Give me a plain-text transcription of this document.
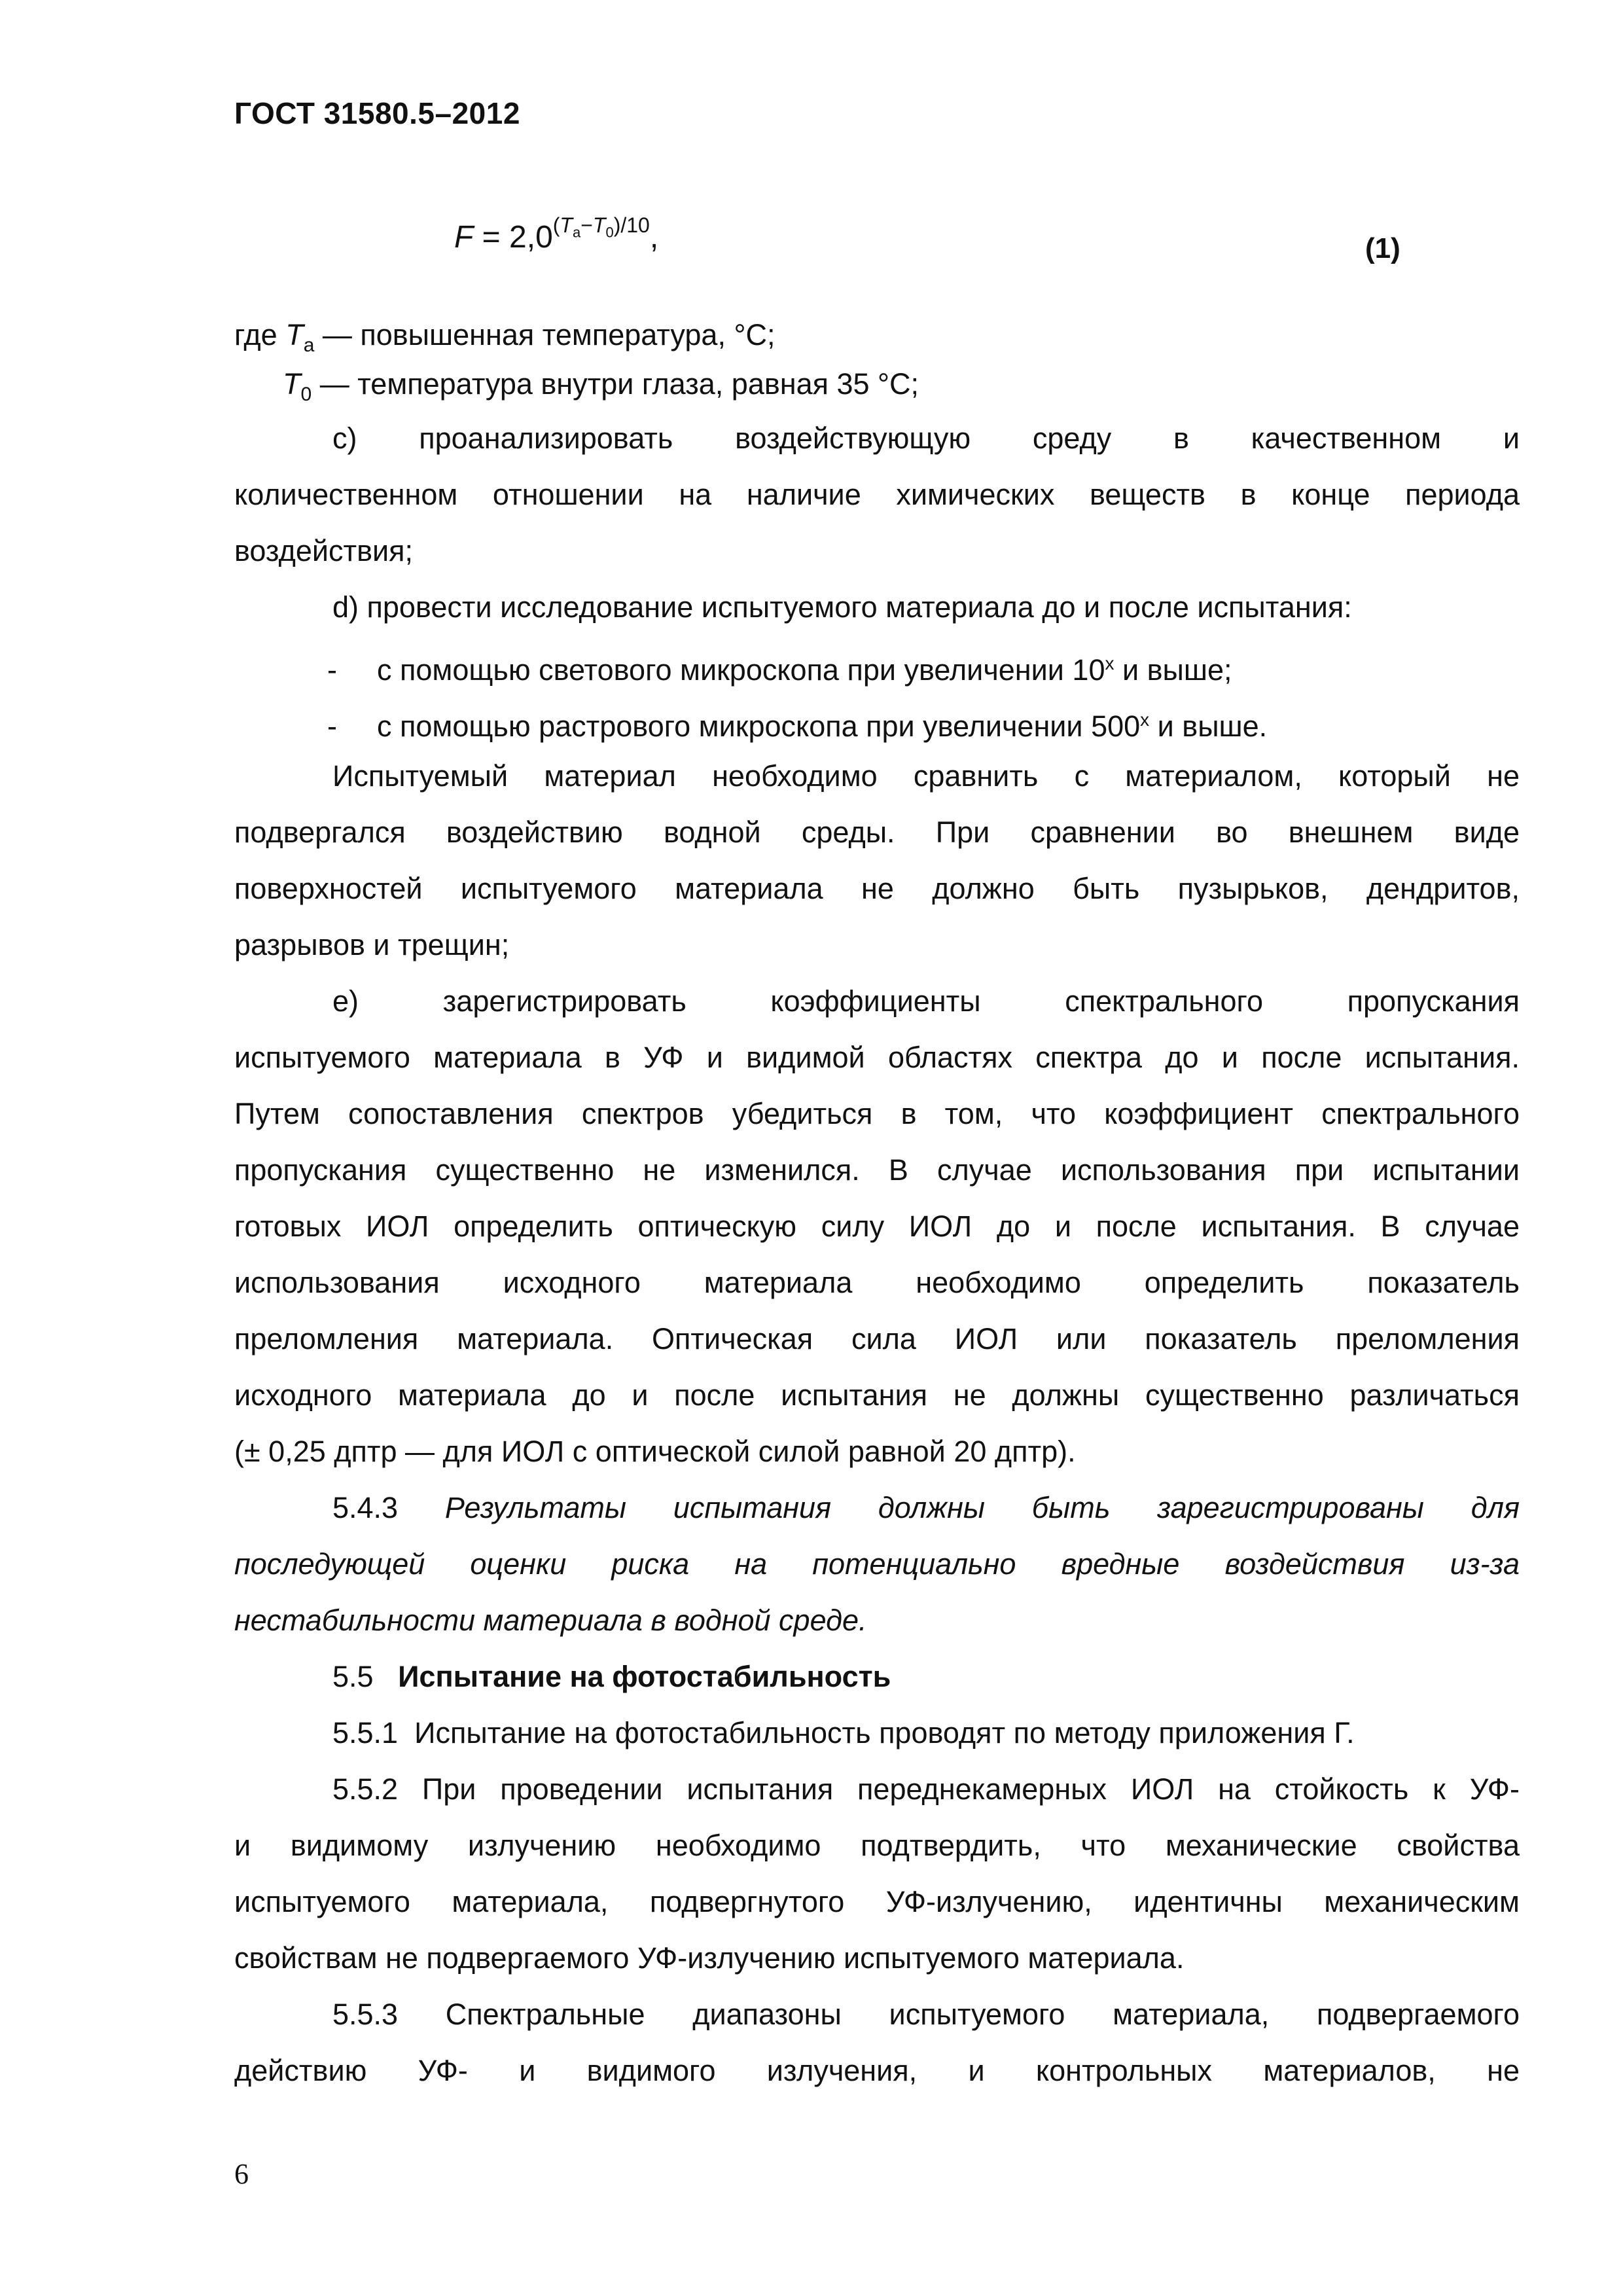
ГОСТ 31580.5–2012
$F = 2,0^{(T_a-T_0)/10}$,	(1)
где $T_a$ — повышенная температура, °С;
$T_0$ — температура внутри глаза, равная 35 °С;
с) проанализировать воздействующую среду в качественном и
количественном отношении на наличие химических веществ в конце периода
воздействия;
d) провести исследование испытуемого материала до и после испытания:
- с помощью светового микроскопа при увеличении $10^х$ и выше;
- с помощью растрового микроскопа при увеличении $500^х$ и выше.
Испытуемый материал необходимо сравнить с материалом, который не
подвергался воздействию водной среды. При сравнении во внешнем виде
поверхностей испытуемого материала не должно быть пузырьков, дендритов,
разрывов и трещин;
е) зарегистрировать коэффициенты спектрального пропускания
испытуемого материала в УФ и видимой областях спектра до и после испытания.
Путем сопоставления спектров убедиться в том, что коэффициент спектрального
пропускания существенно не изменился. В случае использования при испытании
готовых ИОЛ определить оптическую силу ИОЛ до и после испытания. В случае
использования исходного материала необходимо определить показатель
преломления материала. Оптическая сила ИОЛ или показатель преломления
исходного материала до и после испытания не должны существенно различаться
(± 0,25 дптр — для ИОЛ с оптической силой равной 20 дптр).
5.4.3 Результаты испытания должны быть зарегистрированы для
последующей оценки риска на потенциально вредные воздействия из-за
нестабильности материала в водной среде.
5.5 Испытание на фотостабильность
5.5.1 Испытание на фотостабильность проводят по методу приложения Г.
5.5.2 При проведении испытания переднекамерных ИОЛ на стойкость к УФ-
и видимому излучению необходимо подтвердить, что механические свойства
испытуемого материала, подвергнутого УФ-излучению, идентичны механическим
свойствам не подвергаемого УФ-излучению испытуемого материала.
5.5.3 Спектральные диапазоны испытуемого материала, подвергаемого
действию УФ- и видимого излучения, и контрольных материалов, не
6
